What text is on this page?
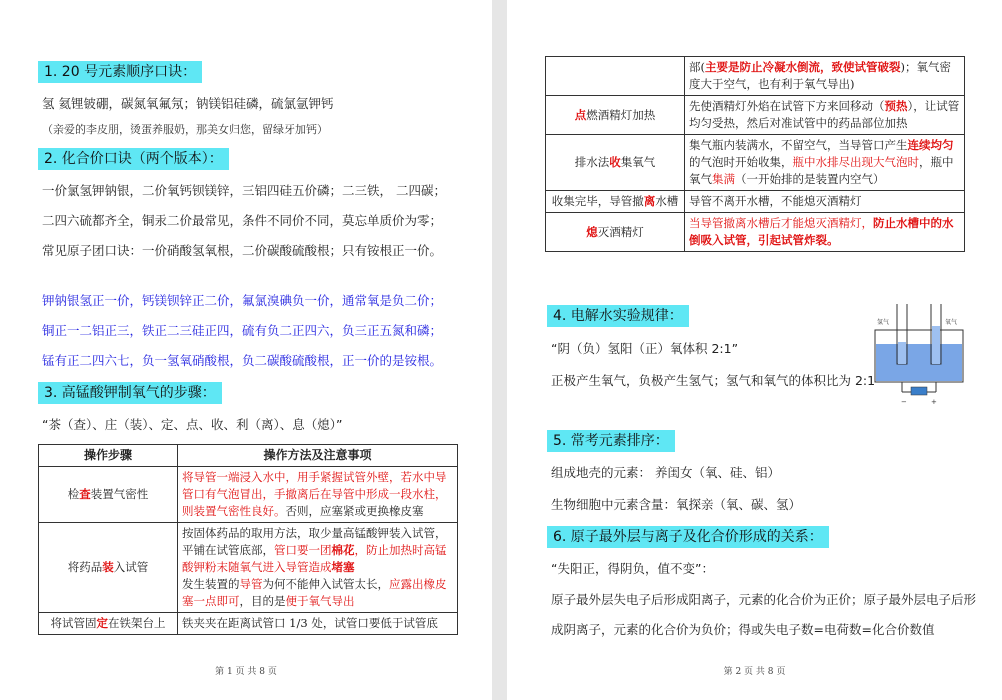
1. 20 号元素顺序口诀：
氢 氦锂铍硼，碳氮氧氟氖；钠镁铝硅磷，硫氯氩钾钙
（亲爱的李皮朋，烫蛋养服奶，那美女归您，留绿牙加钙）
2. 化合价口诀（两个版本）：
一价氯氢钾钠银，二价氧钙钡镁锌，三铝四硅五价磷；二三铁， 二四碳；
二四六硫都齐全，铜汞二价最常见，条件不同价不同，莫忘单质价为零；
常见原子团口诀：一价硝酸氢氧根，二价碳酸硫酸根；只有铵根正一价。
钾钠银氢正一价，钙镁钡锌正二价，氟氯溴碘负一价，通常氧是负二价；
铜正一二铝正三，铁正二三硅正四，硫有负二正四六，负三正五氮和磷；
锰有正二四六七，负一氢氧硝酸根，负二碳酸硫酸根，正一价的是铵根。
3. 高锰酸钾制氧气的步骤：
“茶（查）、庄（装）、定、点、收、利（离）、息（熄）”
操作步骤	操作方法及注意事项
检查装置气密性	将导管一端浸入水中，用手紧握试管外壁，若水中导管口有气泡冒出，手撤离后在导管中形成一段水柱，则装置气密性良好。否则，应塞紧或更换橡皮塞
将药品装入试管	按固体药品的取用方法，取少量高锰酸钾装入试管，平铺在试管底部，管口要一团棉花，防止加热时高锰酸钾粉末随氧气进入导管造成堵塞
发生装置的导管为何不能伸入试管太长，应露出橡皮塞一点即可，目的是便于氧气导出
将试管固定在铁架台上	铁夹夹在距离试管口 1/3 处，试管口要低于试管底
第 1 页 共 8 页
	部(主要是防止冷凝水倒流，致使试管破裂)；氧气密度大于空气，也有利于氧气导出)
点燃酒精灯加热	先使酒精灯外焰在试管下方来回移动（预热），让试管均匀受热，然后对准试管中的药品部位加热
排水法收集氧气	集气瓶内装满水，不留空气，当导管口产生连续均匀的气泡时开始收集，瓶中水排尽出现大气泡时，瓶中氧气集满（一开始排的是装置内空气）
收集完毕，导管撤离水槽	导管不离开水槽，不能熄灭酒精灯
熄灭酒精灯	当导管撤离水槽后才能熄灭酒精灯，防止水槽中的水倒吸入试管，引起试管炸裂。
4. 电解水实验规律：
“阴（负）氢阳（正）氧体积 2:1”
正极产生氧气，负极产生氢气；氢气和氧气的体积比为 2:1
氢气	氧气
−	+
5. 常考元素排序：
组成地壳的元素： 养闺女（氧、硅、铝）
生物细胞中元素含量：氧探亲（氧、碳、氢）
6. 原子最外层与离子及化合价形成的关系：
“失阳正，得阴负，值不变”：
原子最外层失电子后形成阳离子，元素的化合价为正价；原子最外层电子后形
成阴离子，元素的化合价为负价；得或失电子数=电荷数=化合价数值
第 2 页 共 8 页
